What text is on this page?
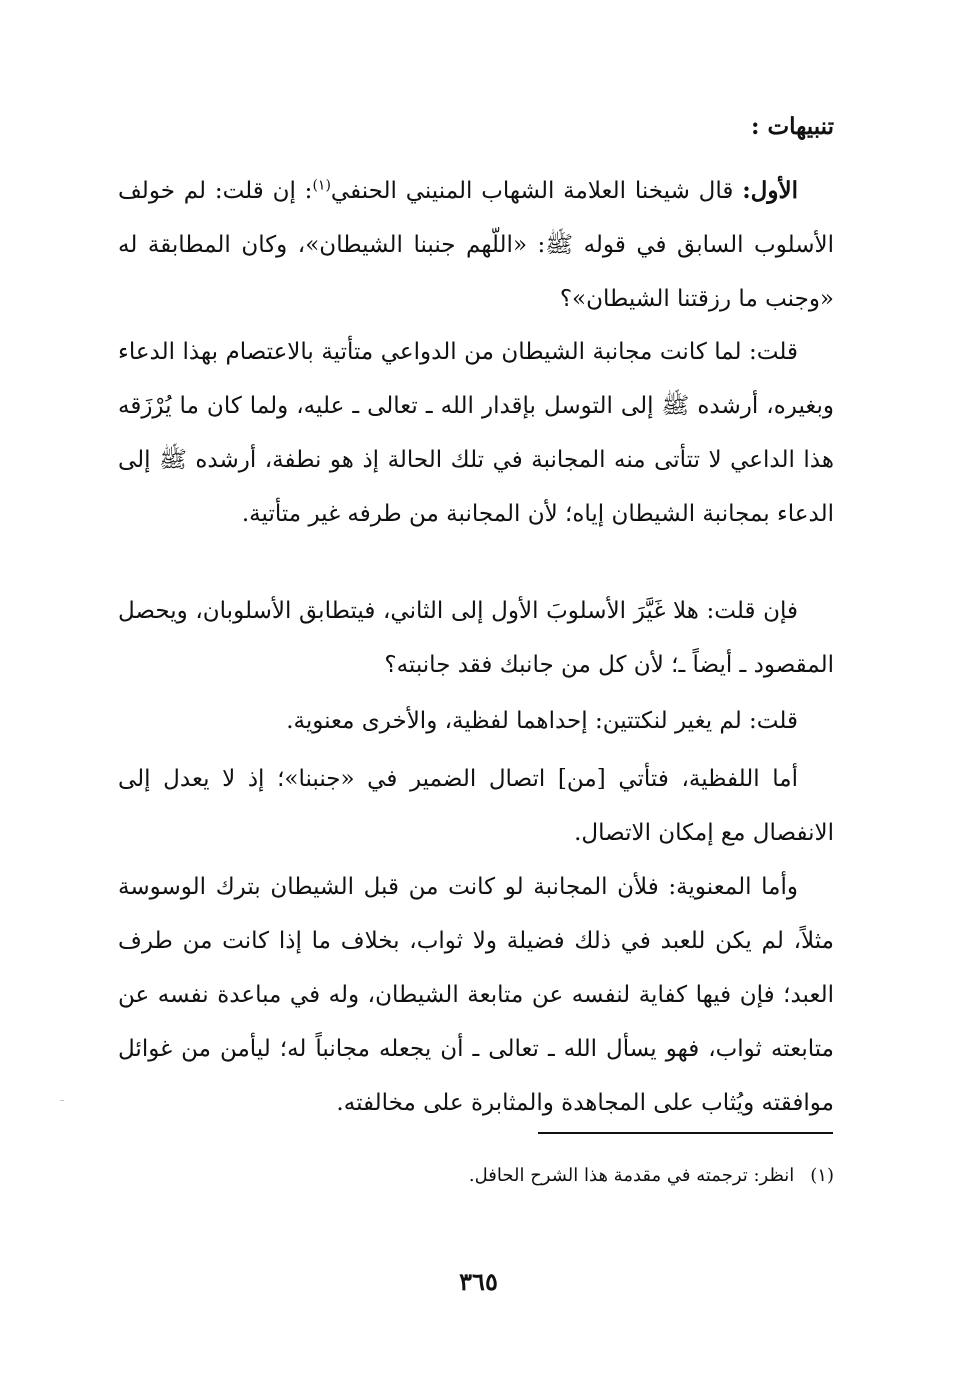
تنبيهات :

الأول: قال شيخنا العلامة الشهاب المنيني الحنفي$^{(١)}$: إن قلت: لم خولف الأسلوب السابق في قوله ﷺ: «اللّهم جنبنا الشيطان»، وكان المطابقة له «وجنب ما رزقتنا الشيطان»؟

قلت: لما كانت مجانبة الشيطان من الدواعي متأتية بالاعتصام بهذا الدعاء وبغيره، أرشده ﷺ إلى التوسل بإقدار الله ـ تعالى ـ عليه، ولما كان ما يُرْزَقه هذا الداعي لا تتأتى منه المجانبة في تلك الحالة إذ هو نطفة، أرشده ﷺ إلى الدعاء بمجانبة الشيطان إياه؛ لأن المجانبة من طرفه غير متأتية.

فإن قلت: هلا غَيَّرَ الأسلوبَ الأول إلى الثاني، فيتطابق الأسلوبان، ويحصل المقصود ـ أيضاً ـ؛ لأن كل من جانبك فقد جانبته؟

قلت: لم يغير لنكتتين: إحداهما لفظية، والأخرى معنوية.

أما اللفظية، فتأتي [من] اتصال الضمير في «جنبنا»؛ إذ لا يعدل إلى الانفصال مع إمكان الاتصال.

وأما المعنوية: فلأن المجانبة لو كانت من قبل الشيطان بترك الوسوسة مثلاً، لم يكن للعبد في ذلك فضيلة ولا ثواب، بخلاف ما إذا كانت من طرف العبد؛ فإن فيها كفاية لنفسه عن متابعة الشيطان، وله في مباعدة نفسه عن متابعته ثواب، فهو يسأل الله ـ تعالى ـ أن يجعله مجانباً له؛ ليأمن من غوائل موافقته ويُثاب على المجاهدة والمثابرة على مخالفته.

(١)انظر: ترجمته في مقدمة هذا الشرح الحافل.
٣٦٥
